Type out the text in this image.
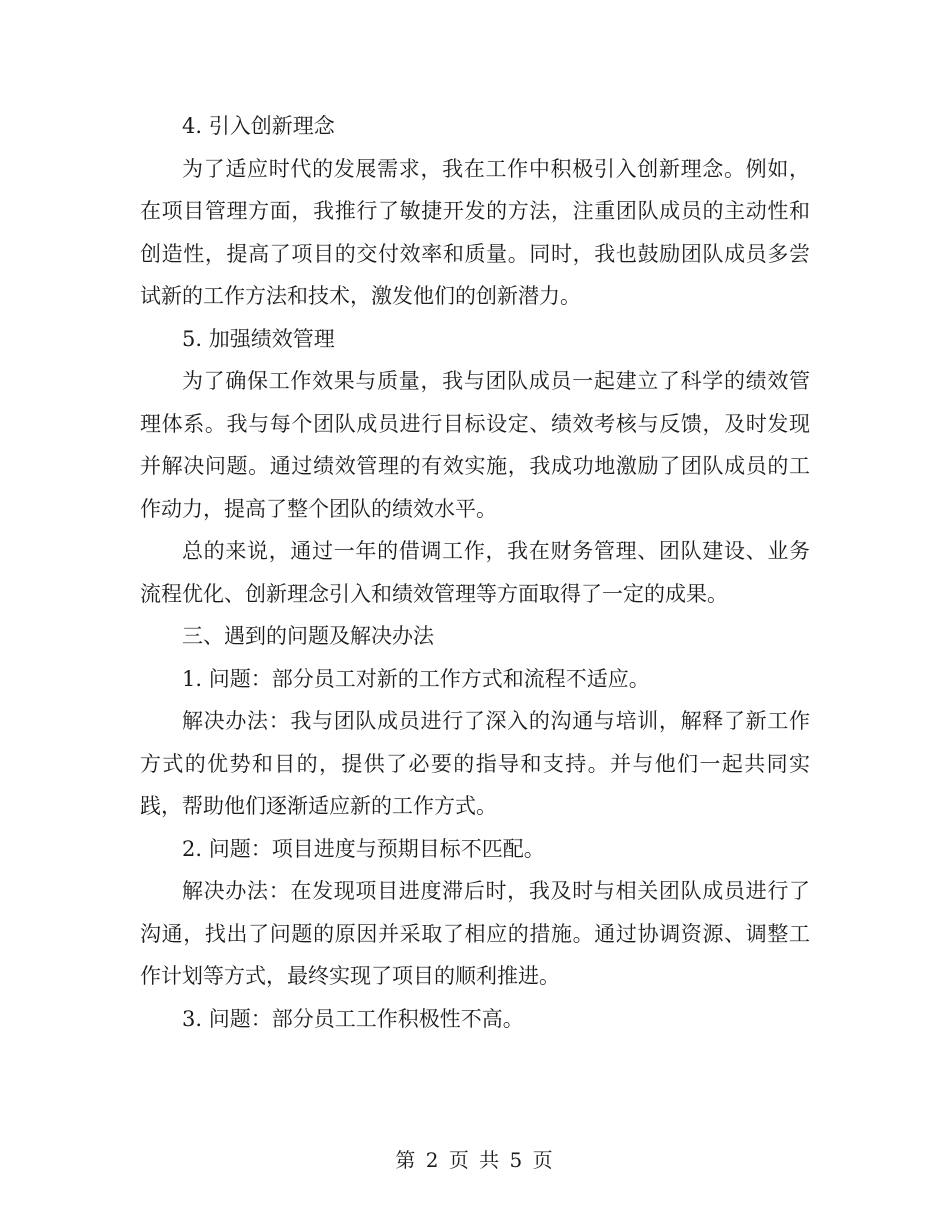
4. 引入创新理念

为了适应时代的发展需求，我在工作中积极引入创新理念。例如，在项目管理方面，我推行了敏捷开发的方法，注重团队成员的主动性和创造性，提高了项目的交付效率和质量。同时，我也鼓励团队成员多尝试新的工作方法和技术，激发他们的创新潜力。

5. 加强绩效管理

为了确保工作效果与质量，我与团队成员一起建立了科学的绩效管理体系。我与每个团队成员进行目标设定、绩效考核与反馈，及时发现并解决问题。通过绩效管理的有效实施，我成功地激励了团队成员的工作动力，提高了整个团队的绩效水平。

总的来说，通过一年的借调工作，我在财务管理、团队建设、业务流程优化、创新理念引入和绩效管理等方面取得了一定的成果。

三、遇到的问题及解决办法

1. 问题：部分员工对新的工作方式和流程不适应。

解决办法：我与团队成员进行了深入的沟通与培训，解释了新工作方式的优势和目的，提供了必要的指导和支持。并与他们一起共同实践，帮助他们逐渐适应新的工作方式。

2. 问题：项目进度与预期目标不匹配。

解决办法：在发现项目进度滞后时，我及时与相关团队成员进行了沟通，找出了问题的原因并采取了相应的措施。通过协调资源、调整工作计划等方式，最终实现了项目的顺利推进。

3. 问题：部分员工工作积极性不高。

第 2 页 共 5 页
